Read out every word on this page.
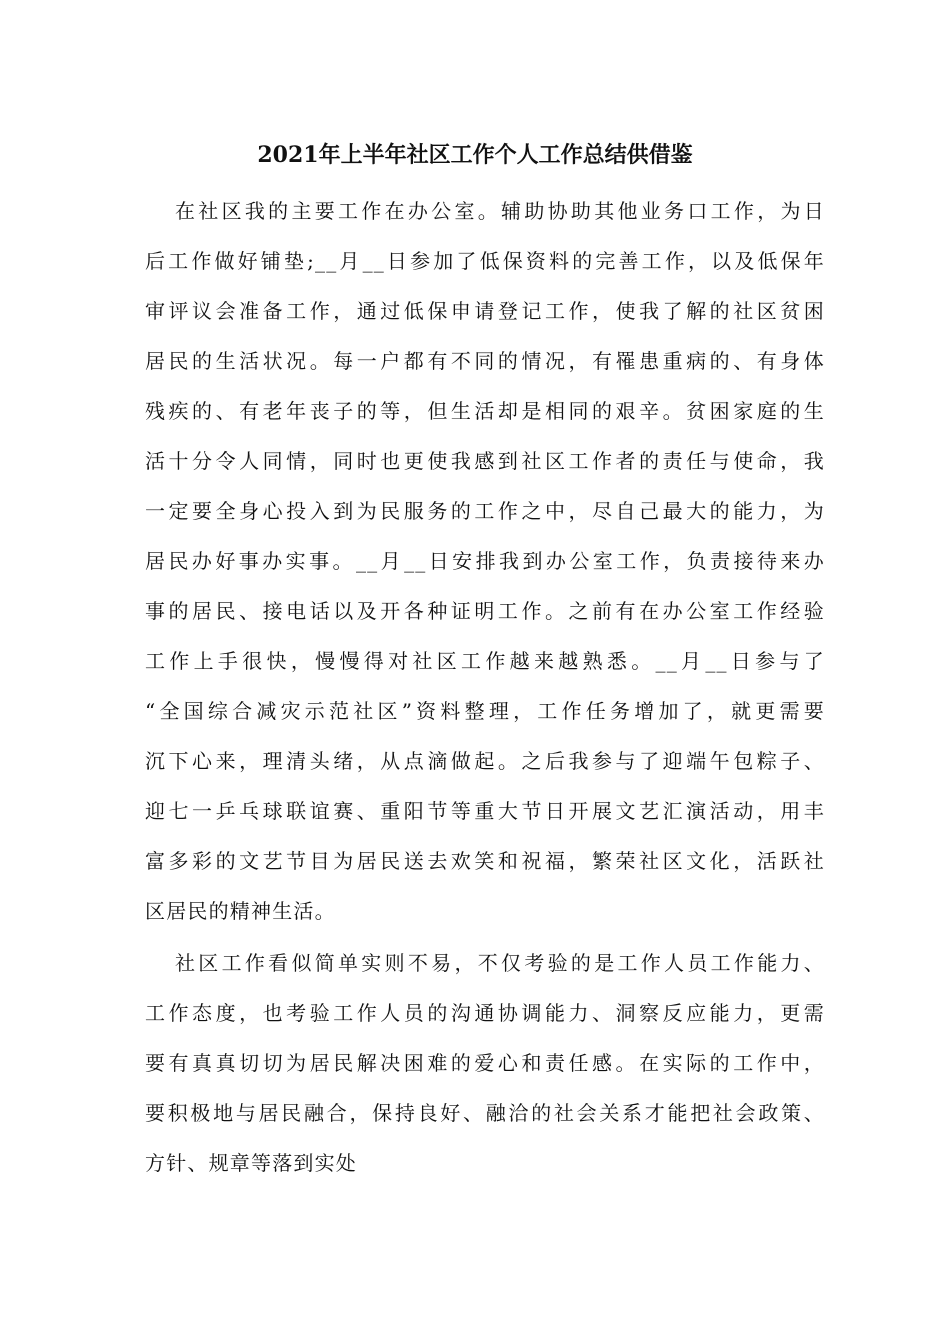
2021年上半年社区工作个人工作总结供借鉴
在社区我的主要工作在办公室。辅助协助其他业务口工作，为日
后工作做好铺垫;__月__日参加了低保资料的完善工作，以及低保年
审评议会准备工作，通过低保申请登记工作，使我了解的社区贫困
居民的生活状况。每一户都有不同的情况，有罹患重病的、有身体
残疾的、有老年丧子的等，但生活却是相同的艰辛。贫困家庭的生
活十分令人同情，同时也更使我感到社区工作者的责任与使命，我
一定要全身心投入到为民服务的工作之中，尽自己最大的能力，为
居民办好事办实事。__月__日安排我到办公室工作，负责接待来办
事的居民、接电话以及开各种证明工作。之前有在办公室工作经验
工作上手很快，慢慢得对社区工作越来越熟悉。__月__日参与了
“全国综合减灾示范社区”资料整理，工作任务增加了，就更需要
沉下心来，理清头绪，从点滴做起。之后我参与了迎端午包粽子、
迎七一乒乓球联谊赛、重阳节等重大节日开展文艺汇演活动，用丰
富多彩的文艺节目为居民送去欢笑和祝福，繁荣社区文化，活跃社
区居民的精神生活。
社区工作看似简单实则不易，不仅考验的是工作人员工作能力、
工作态度，也考验工作人员的沟通协调能力、洞察反应能力，更需
要有真真切切为居民解决困难的爱心和责任感。在实际的工作中，
要积极地与居民融合，保持良好、融洽的社会关系才能把社会政策、
方针、规章等落到实处
